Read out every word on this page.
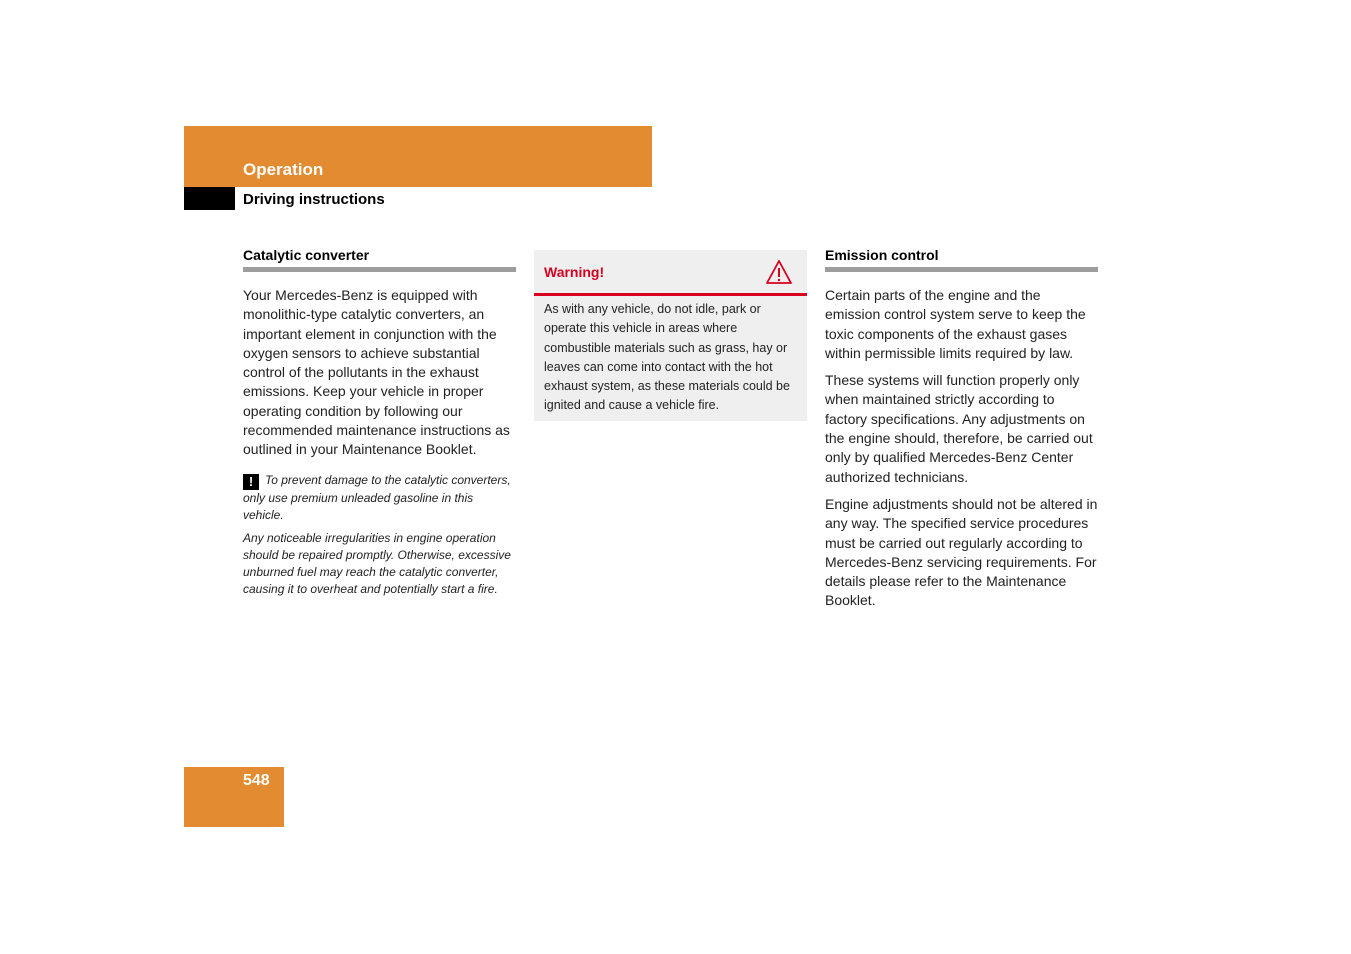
Operation
Driving instructions
Catalytic converter

Your Mercedes-Benz is equipped with monolithic-type catalytic converters, an important element in conjunction with the oxygen sensors to achieve substantial control of the pollutants in the exhaust emissions. Keep your vehicle in proper operating condition by following our recommended maintenance instructions as outlined in your Maintenance Booklet.

! To prevent damage to the catalytic converters, only use premium unleaded gasoline in this vehicle.
Any noticeable irregularities in engine operation should be repaired promptly. Otherwise, excessive unburned fuel may reach the catalytic converter, causing it to overheat and potentially start a fire.
Warning!
As with any vehicle, do not idle, park or operate this vehicle in areas where combustible materials such as grass, hay or leaves can come into contact with the hot exhaust system, as these materials could be ignited and cause a vehicle fire.
Emission control

Certain parts of the engine and the emission control system serve to keep the toxic components of the exhaust gases within permissible limits required by law.

These systems will function properly only when maintained strictly according to factory specifications. Any adjustments on the engine should, therefore, be carried out only by qualified Mercedes-Benz Center authorized technicians.

Engine adjustments should not be altered in any way. The specified service procedures must be carried out regularly according to Mercedes-Benz servicing requirements. For details please refer to the Maintenance Booklet.

548
